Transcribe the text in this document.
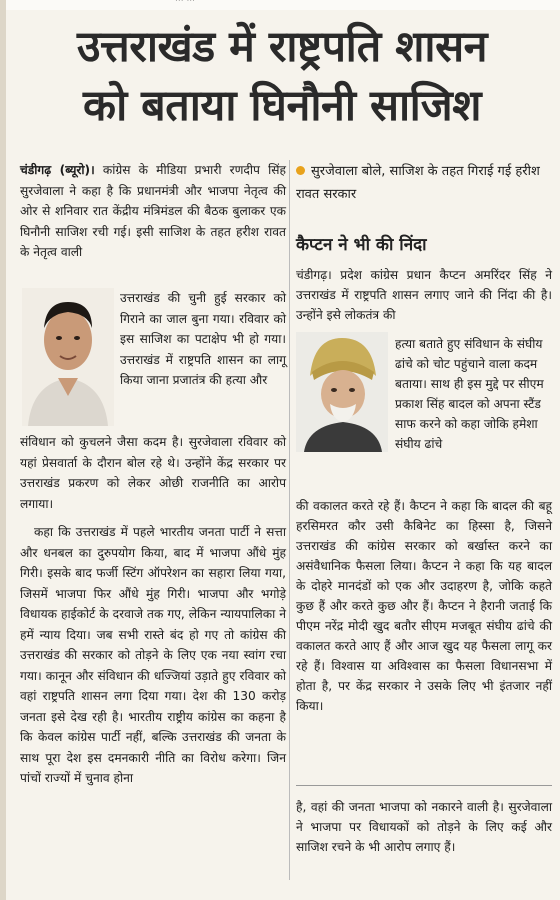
··· ···
उत्तराखंड में राष्ट्रपति शासन
को बताया घिनौनी साजिश
चंडीगढ़ (ब्यूरो)। कांग्रेस के मीडिया प्रभारी रणदीप सिंह सुरजेवाला ने कहा है कि प्रधानमंत्री और भाजपा नेतृत्व की ओर से शनिवार रात केंद्रीय मंत्रिमंडल की बैठक बुलाकर एक घिनौनी साजिश रची गई। इसी साजिश के तहत हरीश रावत के नेतृत्व वाली
उत्तराखंड की चुनी हुई सरकार को गिराने का जाल बुना गया। रविवार को इस साजिश का पटाक्षेप भी हो गया। उत्तराखंड में राष्ट्रपति शासन का लागू किया जाना प्रजातंत्र की हत्या और
संविधान को कुचलने जैसा कदम है। सुरजेवाला रविवार को यहां प्रेसवार्ता के दौरान बोल रहे थे। उन्होंने केंद्र सरकार पर उत्तराखंड प्रकरण को लेकर ओछी राजनीति का आरोप लगाया।
कहा कि उत्तराखंड में पहले भारतीय जनता पार्टी ने सत्ता और धनबल का दुरुपयोग किया, बाद में भाजपा औंधे मुंह गिरी। इसके बाद फर्जी स्टिंग ऑपरेशन का सहारा लिया गया, जिसमें भाजपा फिर औंधे मुंह गिरी। भाजपा और भगोड़े विधायक हाईकोर्ट के दरवाजे तक गए, लेकिन न्यायपालिका ने हमें न्याय दिया। जब सभी रास्ते बंद हो गए तो कांग्रेस की उत्तराखंड की सरकार को तोड़ने के लिए एक नया स्वांग रचा गया। कानून और संविधान की धज्जियां उड़ाते हुए रविवार को वहां राष्ट्रपति शासन लगा दिया गया। देश की 130 करोड़ जनता इसे देख रही है। भारतीय राष्ट्रीय कांग्रेस का कहना है कि केवल कांग्रेस पार्टी नहीं, बल्कि उत्तराखंड की जनता के साथ पूरा देश इस दमनकारी नीति का विरोध करेगा। जिन पांचों राज्यों में चुनाव होना
सुरजेवाला बोले, साजिश के तहत गिराई गई हरीश रावत सरकार
कैप्टन ने भी की निंदा
चंडीगढ़। प्रदेश कांग्रेस प्रधान कैप्टन अमरिंदर सिंह ने उत्तराखंड में राष्ट्रपति शासन लगाए जाने की निंदा की है। उन्होंने इसे लोकतंत्र की
हत्या बताते हुए संविधान के संघीय ढांचे को चोट पहुंचाने वाला कदम बताया। साथ ही इस मुद्दे पर सीएम प्रकाश सिंह बादल को अपना स्टैंड साफ करने को कहा जोकि हमेशा संघीय ढांचे
की वकालत करते रहे हैं। कैप्टन ने कहा कि बादल की बहू हरसिमरत कौर उसी कैबिनेट का हिस्सा है, जिसने उत्तराखंड की कांग्रेस सरकार को बर्खास्त करने का असंवैधानिक फैसला लिया। कैप्टन ने कहा कि यह बादल के दोहरे मानदंडों को एक और उदाहरण है, जोकि कहते कुछ हैं और करते कुछ और हैं। कैप्टन ने हैरानी जताई कि पीएम नरेंद्र मोदी खुद बतौर सीएम मजबूत संघीय ढांचे की वकालत करते आए हैं और आज खुद यह फैसला लागू कर रहे हैं। विश्वास या अविश्वास का फैसला विधानसभा में होता है, पर केंद्र सरकार ने उसके लिए भी इंतजार नहीं किया।
है, वहां की जनता भाजपा को नकारने वाली है। सुरजेवाला ने भाजपा पर विधायकों को तोड़ने के लिए कई और साजिश रचने के भी आरोप लगाए हैं।
